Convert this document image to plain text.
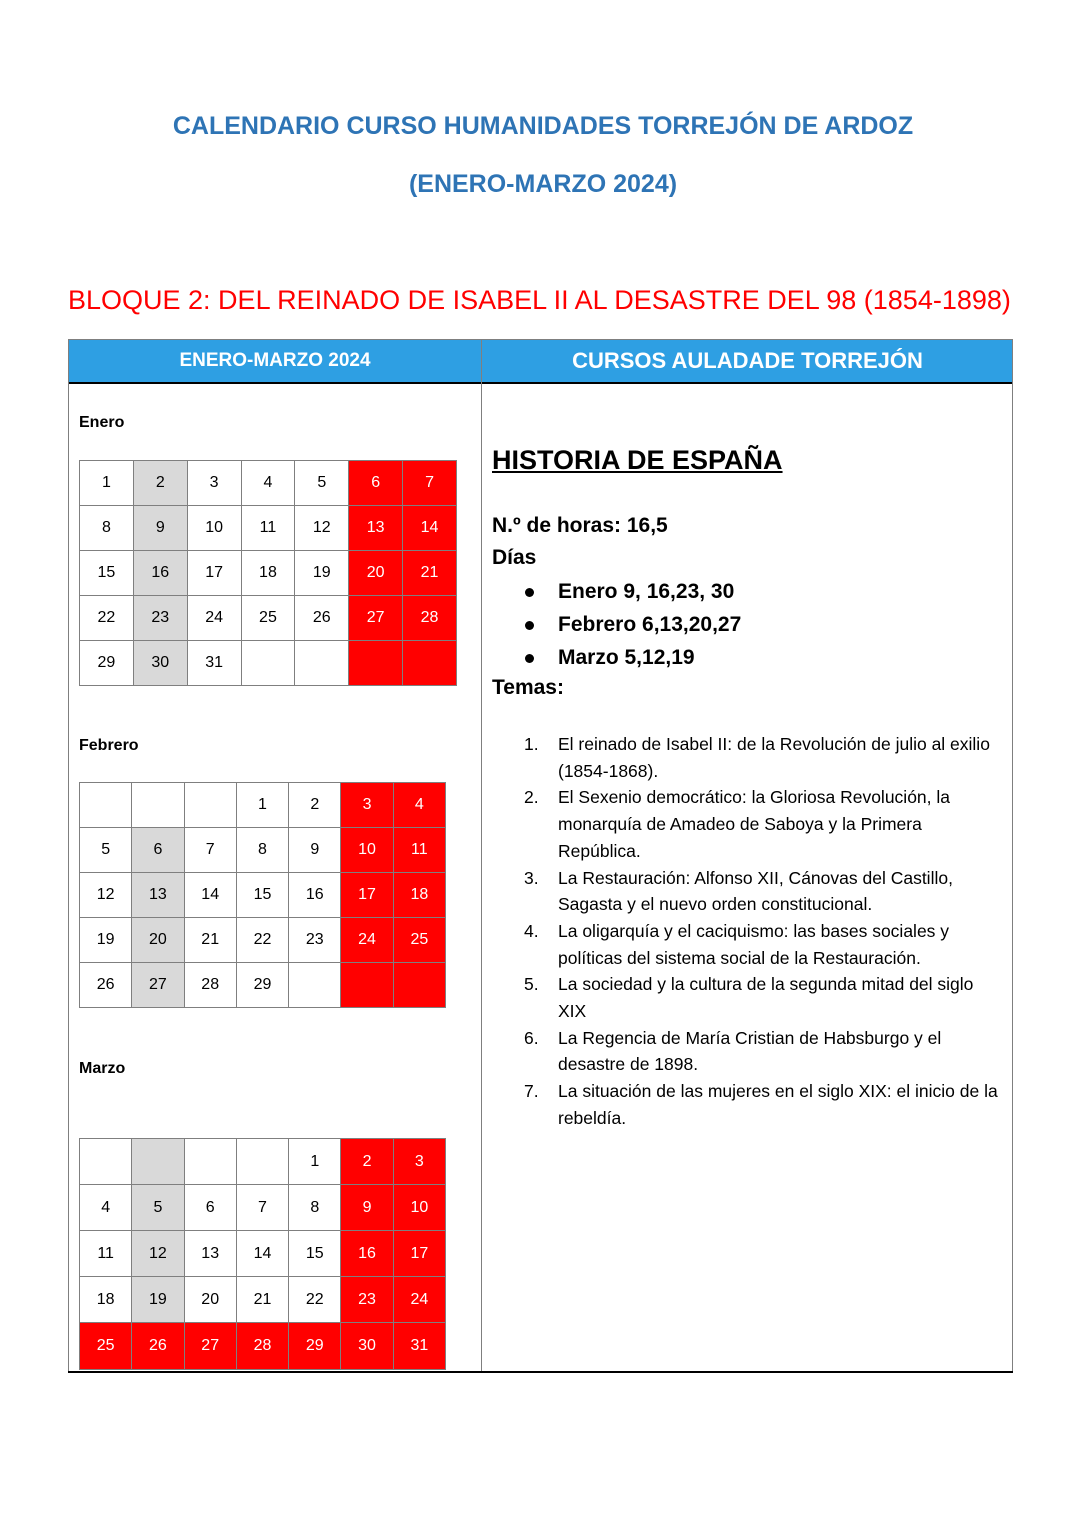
CALENDARIO CURSO HUMANIDADES TORREJÓN DE ARDOZ
(ENERO-MARZO 2024)
BLOQUE 2: DEL REINADO DE ISABEL II AL DESASTRE DEL 98 (1854-1898)
ENERO-MARZO 2024	CURSOS AULADADE TORREJÓN
Enero
1	2	3	4	5	6	7
8	9	10	11	12	13	14
15	16	17	18	19	20	21
22	23	24	25	26	27	28
29	30	31				
Febrero
			1	2	3	4
5	6	7	8	9	10	11
12	13	14	15	16	17	18
19	20	21	22	23	24	25
26	27	28	29			
Marzo
				1	2	3
4	5	6	7	8	9	10
11	12	13	14	15	16	17
18	19	20	21	22	23	24
25	26	27	28	29	30	31
HISTORIA DE ESPAÑA
N.º de horas: 16,5
Días
Enero 9, 16,23, 30
Febrero 6,13,20,27
Marzo 5,12,19
Temas:
1. El reinado de Isabel II: de la Revolución de julio al exilio (1854-1868).
2. El Sexenio democrático: la Gloriosa Revolución, la monarquía de Amadeo de Saboya y la Primera República.
3. La Restauración: Alfonso XII, Cánovas del Castillo, Sagasta y el nuevo orden constitucional.
4. La oligarquía y el caciquismo: las bases sociales y políticas del sistema social de la Restauración.
5. La sociedad y la cultura de la segunda mitad del siglo XIX
6. La Regencia de María Cristian de Habsburgo y el desastre de 1898.
7. La situación de las mujeres en el siglo XIX: el inicio de la rebeldía.
